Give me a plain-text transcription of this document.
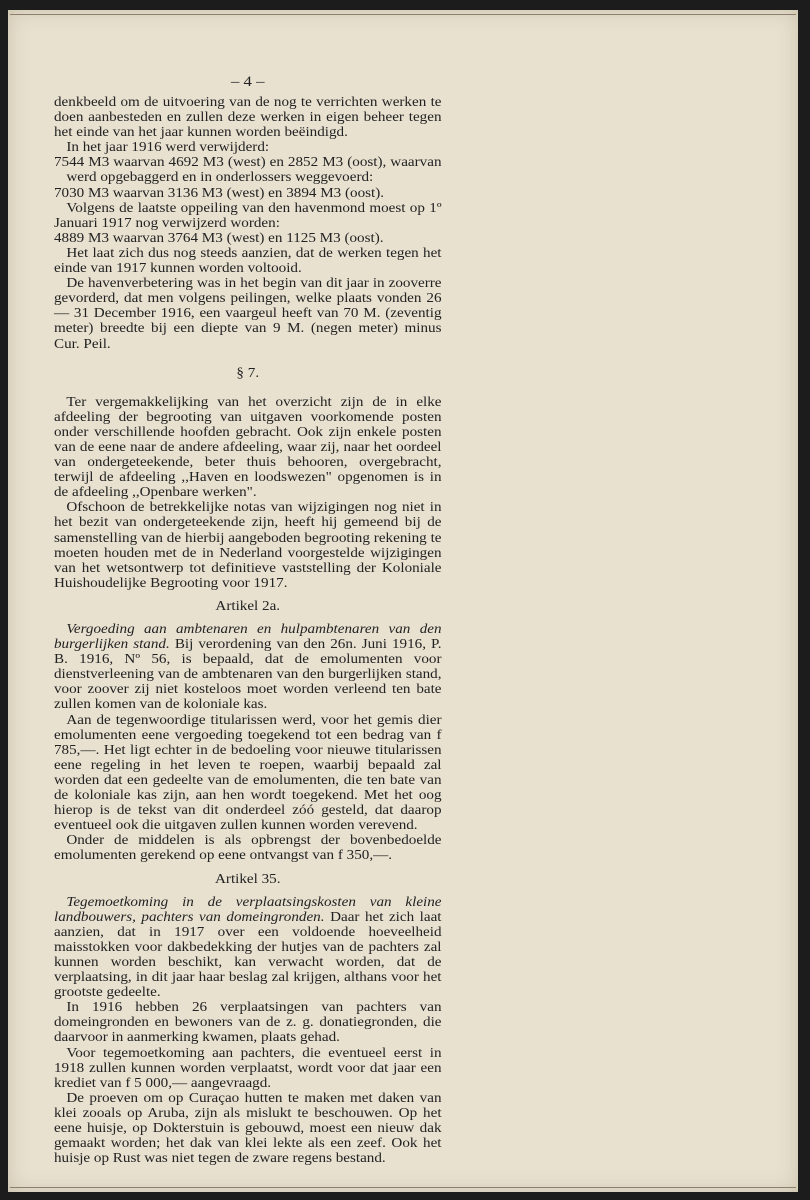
– 4 –

denkbeeld om de uitvoering van de nog te verrichten werken te doen aanbesteden en zullen deze werken in eigen beheer tegen het einde van het jaar kunnen worden beëindigd.

In het jaar 1916 werd verwijderd:

7544 M3 waarvan 4692 M3 (west) en 2852 M3 (oost), waarvan werd opgebaggerd en in onderlossers weggevoerd:

7030 M3 waarvan 3136 M3 (west) en 3894 M3 (oost).

Volgens de laatste oppeiling van den havenmond moest op 1º Januari 1917 nog verwijzerd worden:

4889 M3 waarvan 3764 M3 (west) en 1125 M3 (oost).

Het laat zich dus nog steeds aanzien, dat de werken tegen het einde van 1917 kunnen worden voltooid.

De havenverbetering was in het begin van dit jaar in zooverre gevorderd, dat men volgens peilingen, welke plaats vonden 26 — 31 December 1916, een vaargeul heeft van 70 M. (zeventig meter) breedte bij een diepte van 9 M. (negen meter) minus Cur. Peil.

§ 7.

Ter vergemakkelijking van het overzicht zijn de in elke afdeeling der begrooting van uitgaven voorkomende posten onder verschillende hoofden gebracht. Ook zijn enkele posten van de eene naar de andere afdeeling, waar zij, naar het oordeel van ondergeteekende, beter thuis behooren, overgebracht, terwijl de afdeeling ,,Haven en loodswezen" opgenomen is in de afdeeling ,,Openbare werken".

Ofschoon de betrekkelijke notas van wijzigingen nog niet in het bezit van ondergeteekende zijn, heeft hij gemeend bij de samenstelling van de hierbij aangeboden begrooting rekening te moeten houden met de in Nederland voorgestelde wijzigingen van het wetsontwerp tot definitieve vaststelling der Koloniale Huishoudelijke Begrooting voor 1917.

Artikel 2a.

Vergoeding aan ambtenaren en hulpambtenaren van den burgerlijken stand. Bij verordening van den 26n. Juni 1916, P. B. 1916, Nº 56, is bepaald, dat de emolumenten voor dienstverleening van de ambtenaren van den burgerlijken stand, voor zoover zij niet kosteloos moet worden verleend ten bate zullen komen van de koloniale kas.

Aan de tegenwoordige titularissen werd, voor het gemis dier emolumenten eene vergoeding toegekend tot een bedrag van f 785,—. Het ligt echter in de bedoeling voor nieuwe titularissen eene regeling in het leven te roepen, waarbij bepaald zal worden dat een gedeelte van de emolumenten, die ten bate van de koloniale kas zijn, aan hen wordt toegekend. Met het oog hierop is de tekst van dit onderdeel zóó gesteld, dat daarop eventueel ook die uitgaven zullen kunnen worden verevend.

Onder de middelen is als opbrengst der bovenbedoelde emolumenten gerekend op eene ontvangst van f 350,—.

Artikel 35.

Tegemoetkoming in de verplaatsingskosten van kleine landbouwers, pachters van domeingronden. Daar het zich laat aanzien, dat in 1917 over een voldoende hoeveelheid maisstokken voor dakbedekking der hutjes van de pachters zal kunnen worden beschikt, kan verwacht worden, dat de verplaatsing, in dit jaar haar beslag zal krijgen, althans voor het grootste gedeelte.

In 1916 hebben 26 verplaatsingen van pachters van domeingronden en bewoners van de z. g. donatiegronden, die daarvoor in aanmerking kwamen, plaats gehad.

Voor tegemoetkoming aan pachters, die eventueel eerst in 1918 zullen kunnen worden verplaatst, wordt voor dat jaar een krediet van f 5 000,— aangevraagd.

De proeven om op Curaçao hutten te maken met daken van klei zooals op Aruba, zijn als mislukt te beschouwen. Op het eene huisje, op Dokterstuin is gebouwd, moest een nieuw dak gemaakt worden; het dak van klei lekte als een zeef. Ook het huisje op Rust was niet tegen de zware regens bestand.
